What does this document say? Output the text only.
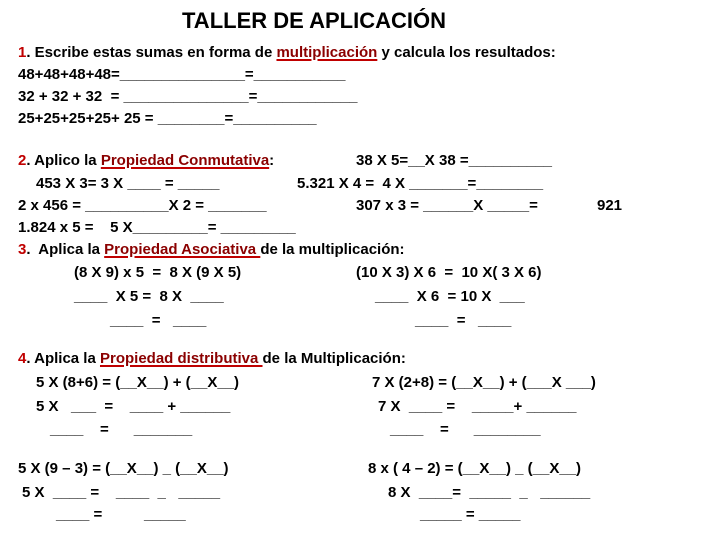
TALLER DE APLICACIÓN
1. Escribe estas sumas en forma de multiplicación y calcula los resultados:
48+48+48+48=_______________=___________
32 + 32 + 32  = _______________=____________
25+25+25+25+ 25 = ________=__________
2. Aplico la Propiedad Conmutativa:	38 X 5=__X 38 =__________
453 X 3= 3 X ____ = _____	5.321 X 4 =  4 X _______=________
2 x 456 = __________X 2 = _______	307 x 3 = ______X _____=	921
1.824 x 5 =    5 X_________= _________
3.  Aplica la Propiedad Asociativa de la multiplicación:
(8 X 9) x 5  =  8 X (9 X 5)
____  X 5 =  8 X  ____
____  =   ____
(10 X 3) X 6  =  10 X( 3 X 6)
____  X 6  = 10 X  ___
____  =   ____
4. Aplica la Propiedad distributiva de la Multiplicación:
5 X (8+6) = (__X__) + (__X__)
5 X   ___  =    ____ + ______
____    =      _______
7 X (2+8) = (__X__) + (___X ___)
7 X  ____ =    _____+ ______
____    =      ________
5 X (9 – 3) = (__X__) _ (__X__)
5 X  ____ =    ____  _   _____
____ =          _____
8 x ( 4 – 2) = (__X__) _ (__X__)
8 X  ____=  _____  _   ______
_____ = _____
